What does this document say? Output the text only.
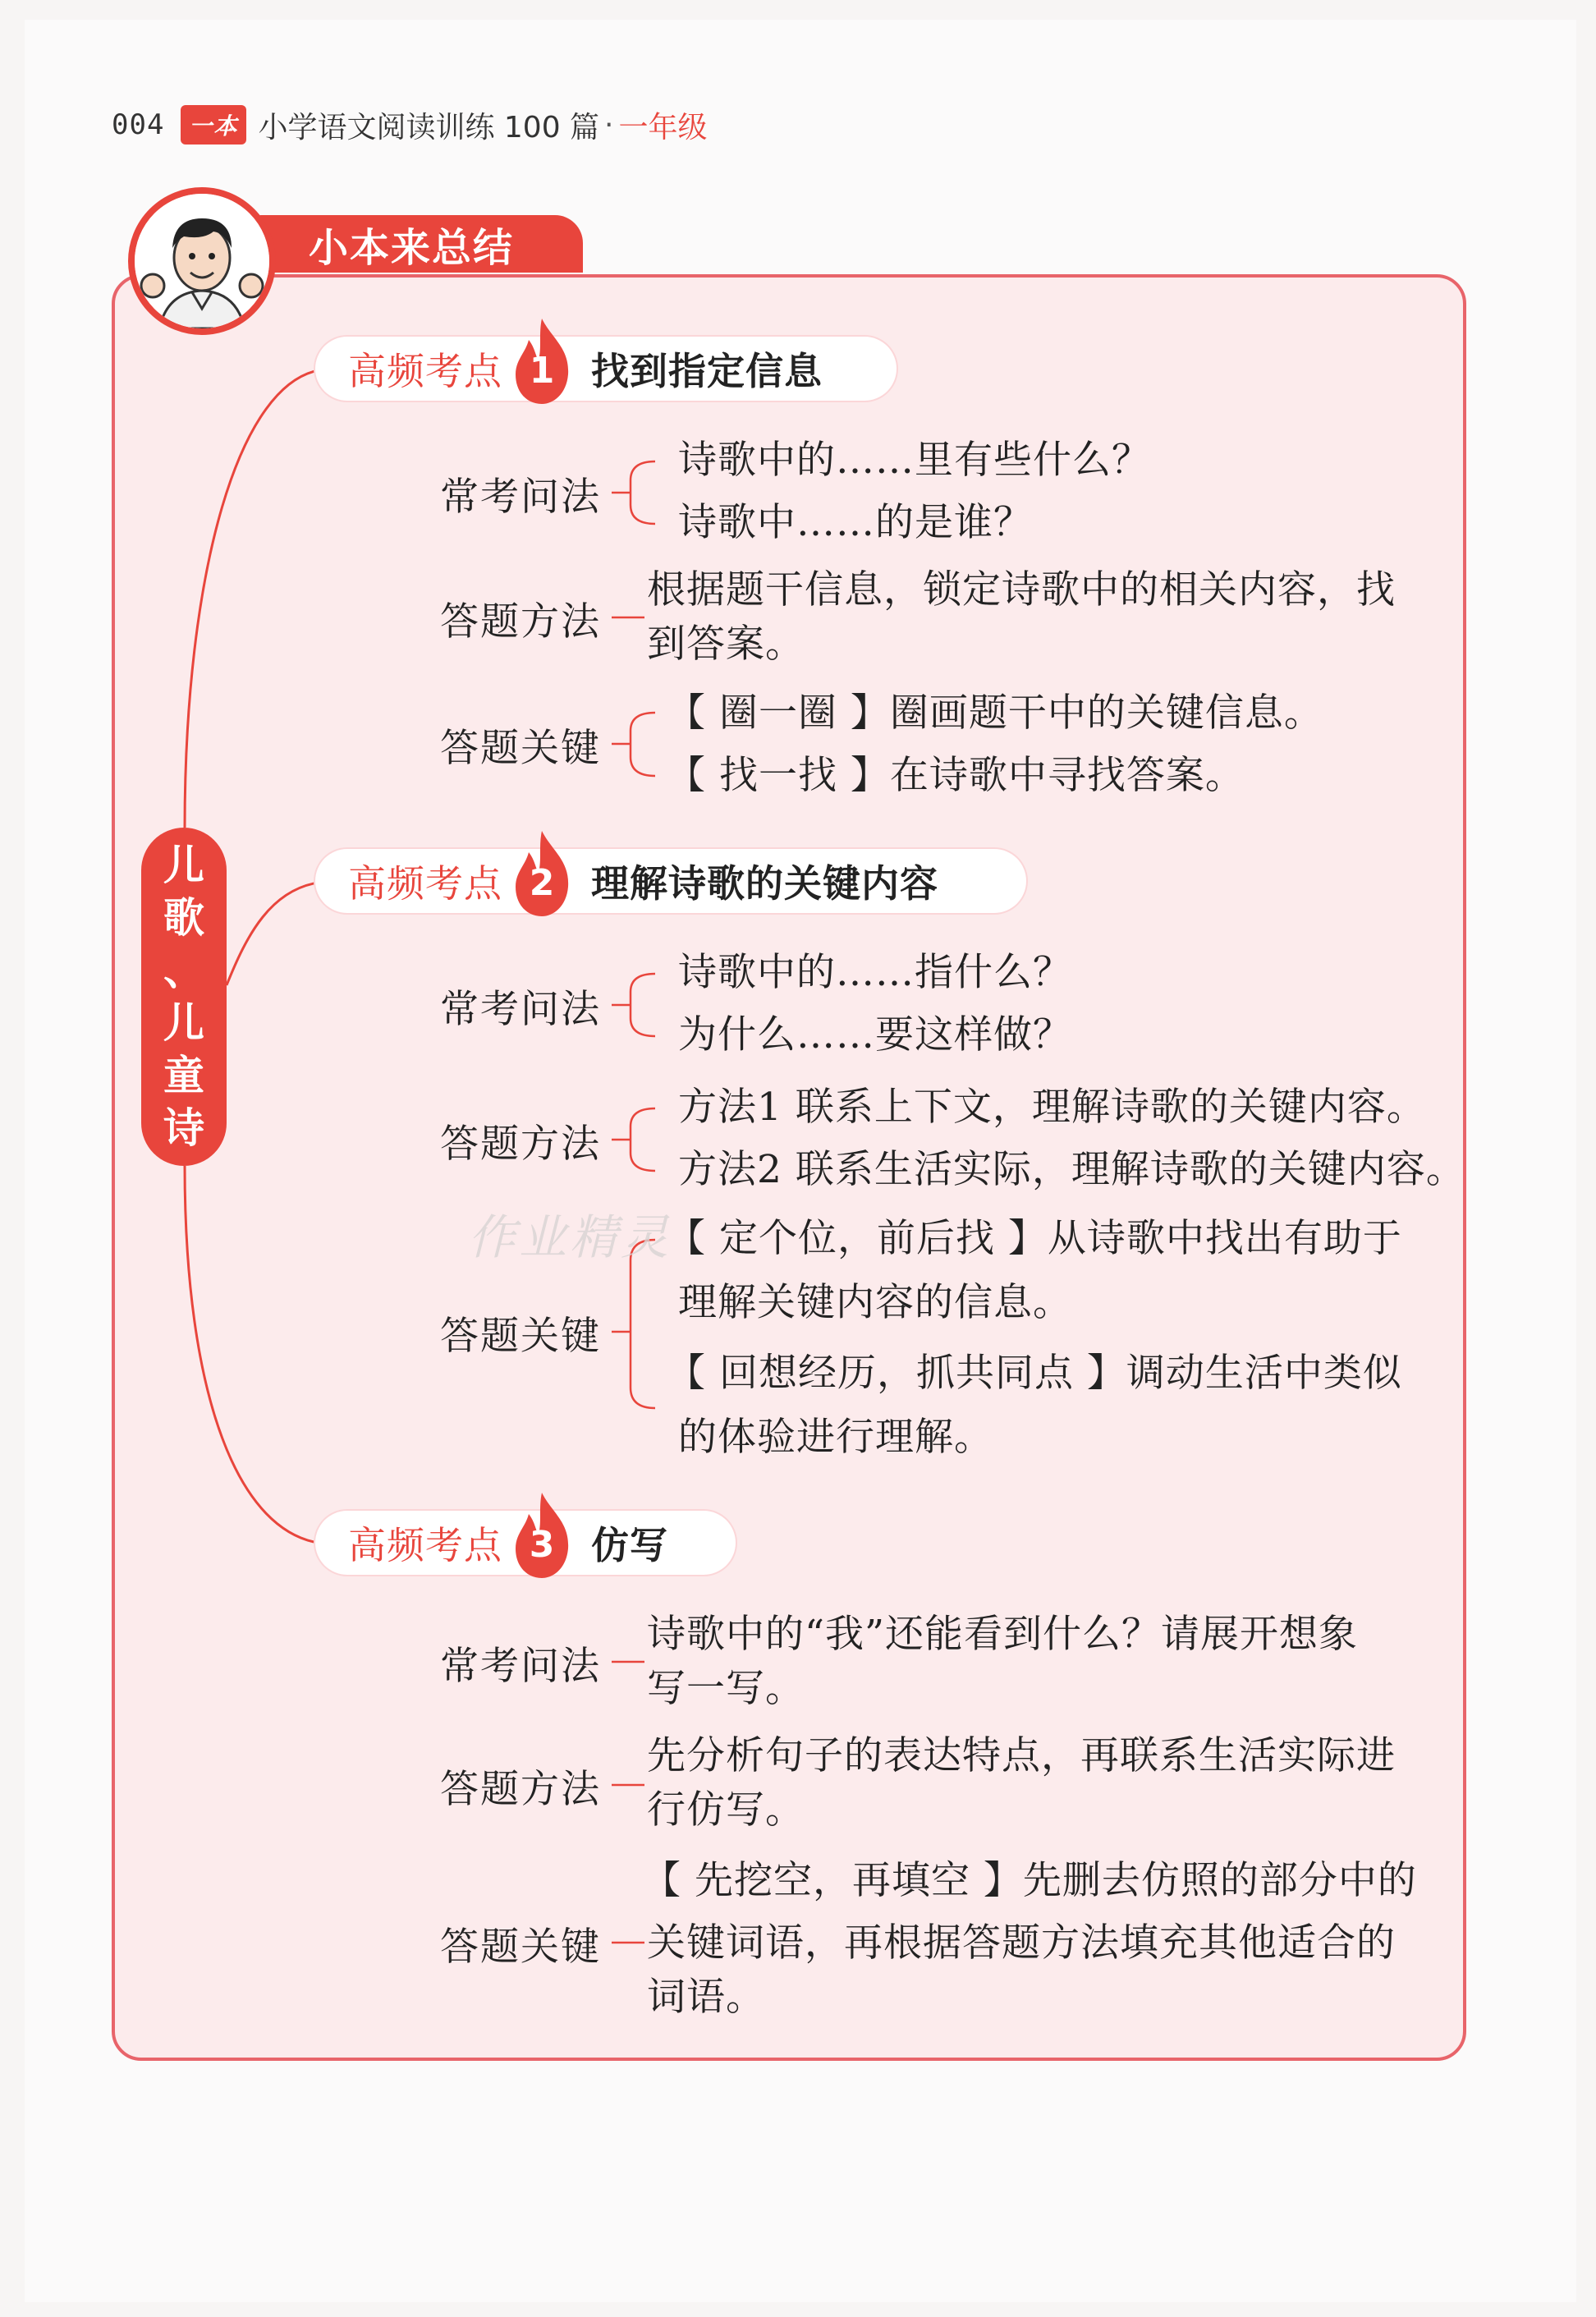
004	一本 小学语文阅读训练 100 篇 · 一年级
小本来总结
儿
歌
、
儿
童
诗
高频考点 1 找到指定信息
常考问法
诗歌中的……里有些什么？
诗歌中……的是谁？
答题方法
根据题干信息，锁定诗歌中的相关内容，找
到答案。
答题关键
【 圈一圈 】圈画题干中的关键信息。
【 找一找 】在诗歌中寻找答案。
高频考点 2 理解诗歌的关键内容
常考问法
诗歌中的……指什么？
为什么……要这样做？
答题方法
方法1 联系上下文，理解诗歌的关键内容。
方法2 联系生活实际，理解诗歌的关键内容。
答题关键
【 定个位，前后找 】从诗歌中找出有助于
理解关键内容的信息。
【 回想经历，抓共同点 】调动生活中类似
的体验进行理解。
高频考点 3 仿写
常考问法
诗歌中的“我”还能看到什么？请展开想象
写一写。
答题方法
先分析句子的表达特点，再联系生活实际进
行仿写。
答题关键
【 先挖空，再填空 】先删去仿照的部分中的
关键词语，再根据答题方法填充其他适合的
词语。
作业精灵
